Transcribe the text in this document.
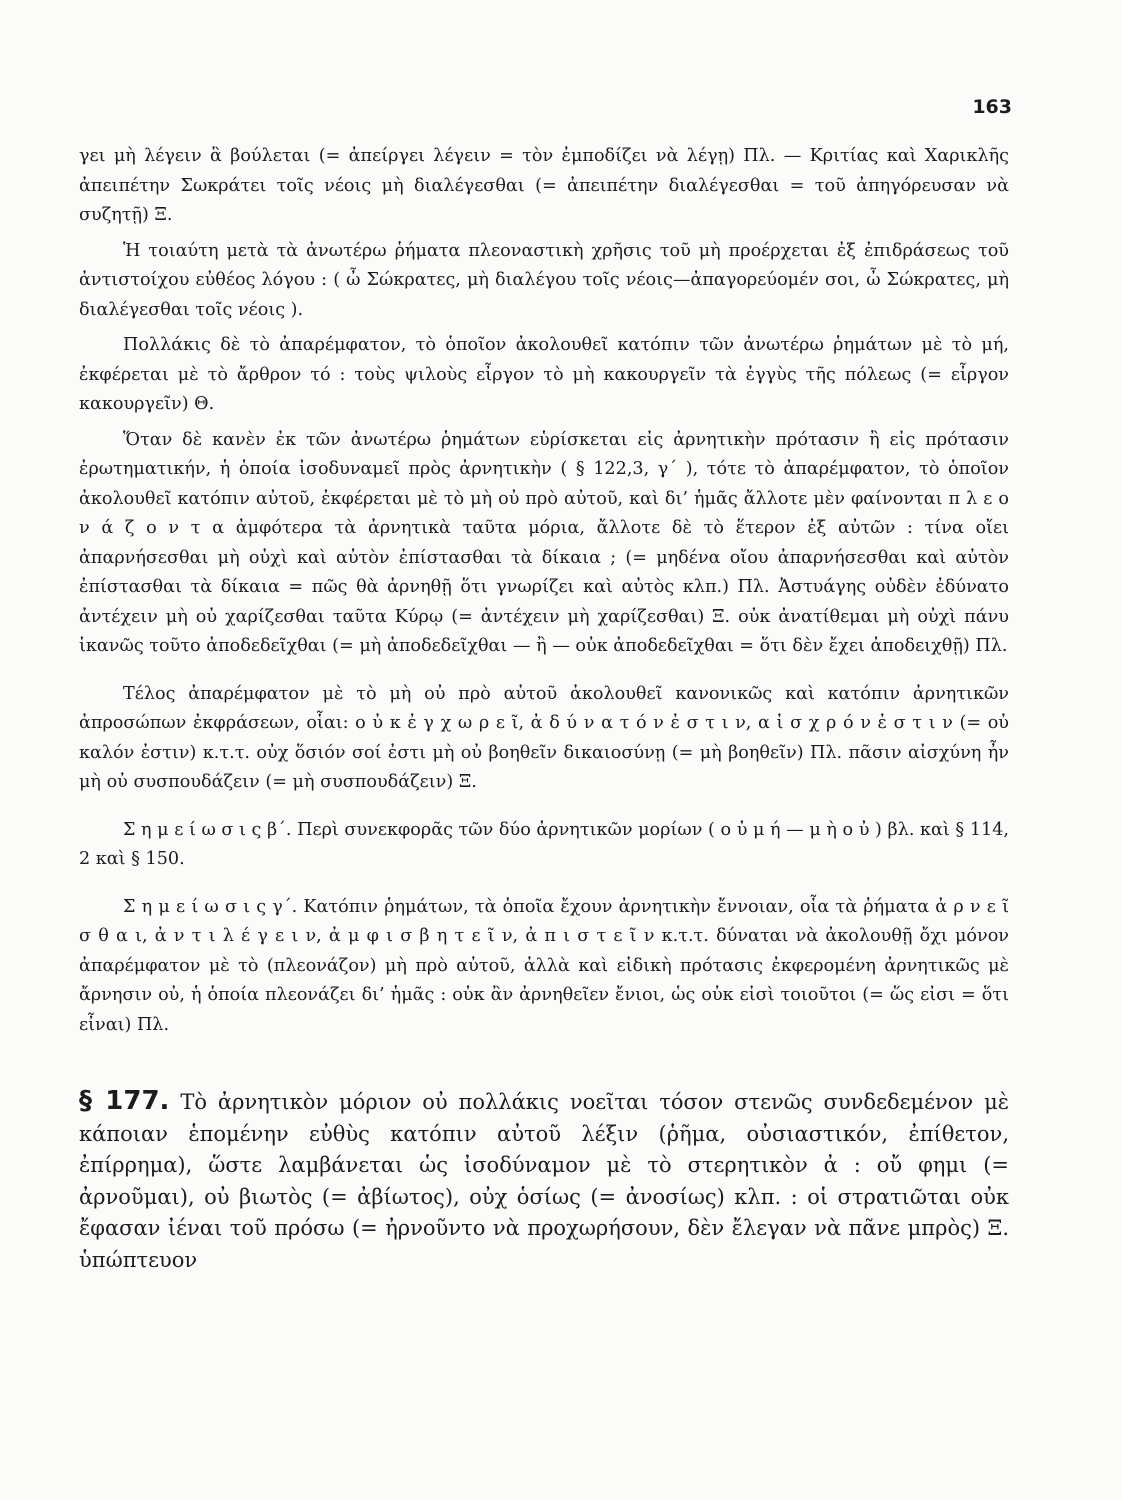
163

γει μὴ λέγειν ἃ βούλεται (= ἀπείργει λέγειν = τὸν ἐμποδίζει νὰ λέγῃ) Πλ. — Κριτίας καὶ Χαρικλῆς ἀπειπέτην Σωκράτει τοῖς νέοις μὴ διαλέγεσθαι (= ἀπειπέτην διαλέγεσθαι = τοῦ ἀπηγόρευσαν νὰ συζητῇ) Ξ.

Ἡ τοιαύτη μετὰ τὰ ἀνωτέρω ῥήματα πλεοναστικὴ χρῆσις τοῦ μὴ προέρχεται ἐξ ἐπιδράσεως τοῦ ἀντιστοίχου εὐθέος λόγου : ( ὦ Σώκρατες, μὴ διαλέγου τοῖς νέοις—ἀπαγορεύομέν σοι, ὦ Σώκρατες, μὴ διαλέγεσθαι τοῖς νέοις ).

Πολλάκις δὲ τὸ ἀπαρέμφατον, τὸ ὁποῖον ἀκολουθεῖ κατόπιν τῶν ἀνωτέρω ῥημάτων μὲ τὸ μή, ἐκφέρεται μὲ τὸ ἄρθρον τό : τοὺς ψιλοὺς εἶργον τὸ μὴ κακουργεῖν τὰ ἐγγὺς τῆς πόλεως (= εἶργον κακουργεῖν) Θ.

Ὅταν δὲ κανὲν ἐκ τῶν ἀνωτέρω ῥημάτων εὑρίσκεται εἰς ἀρνητικὴν πρότασιν ἢ εἰς πρότασιν ἐρωτηματικήν, ἡ ὁποία ἰσοδυναμεῖ πρὸς ἀρνητικὴν ( § 122,3, γ΄ ), τότε τὸ ἀπαρέμφατον, τὸ ὁποῖον ἀκολουθεῖ κατόπιν αὐτοῦ, ἐκφέρεται μὲ τὸ μὴ οὐ πρὸ αὐτοῦ, καὶ δι’ ἡμᾶς ἄλλοτε μὲν φαίνονται π λ ε ο ν ά ζ ο ν τ α ἀμφότερα τὰ ἀρνητικὰ ταῦτα μόρια, ἄλλοτε δὲ τὸ ἕτερον ἐξ αὐτῶν : τίνα οἴει ἀπαρνήσεσθαι μὴ οὐχὶ καὶ αὐτὸν ἐπίστασθαι τὰ δίκαια ; (= μηδένα οἴου ἀπαρνήσεσθαι καὶ αὐτὸν ἐπίστασθαι τὰ δίκαια = πῶς θὰ ἀρνηθῇ ὅτι γνωρίζει καὶ αὐτὸς κλπ.) Πλ. Ἀστυάγης οὐδὲν ἐδύνατο ἀντέχειν μὴ οὐ χαρίζεσθαι ταῦτα Κύρῳ (= ἀντέχειν μὴ χαρίζεσθαι) Ξ. οὐκ ἀνατίθεμαι μὴ οὐχὶ πάνυ ἱκανῶς τοῦτο ἀποδεδεῖχθαι (= μὴ ἀποδεδεῖχθαι — ἢ — οὐκ ἀποδεδεῖχθαι = ὅτι δὲν ἔχει ἀποδειχθῇ) Πλ.

Τέλος ἀπαρέμφατον μὲ τὸ μὴ οὐ πρὸ αὐτοῦ ἀκολουθεῖ κανονικῶς καὶ κατόπιν ἀρνητικῶν ἀπροσώπων ἐκφράσεων, οἷαι: ο ὐ κ ἐ γ χ ω ρ ε ῖ, ἀ δ ύ ν α τ ό ν ἐ σ τ ι ν, α ἰ σ χ ρ ό ν ἐ σ τ ι ν (= οὐ καλόν ἐστιν) κ.τ.τ. οὐχ ὅσιόν σοί ἐστι μὴ οὐ βοηθεῖν δικαιοσύνῃ (= μὴ βοηθεῖν) Πλ. πᾶσιν αἰσχύνη ἦν μὴ οὐ συσπουδάζειν (= μὴ συσπουδάζειν) Ξ.

Σ η μ ε ί ω σ ι ς β΄. Περὶ συνεκφορᾶς τῶν δύο ἀρνητικῶν μορίων ( ο ὐ μ ή — μ ὴ ο ὐ ) βλ. καὶ § 114, 2 καὶ § 150.

Σ η μ ε ί ω σ ι ς γ΄. Κατόπιν ῥημάτων, τὰ ὁποῖα ἔχουν ἀρνητικὴν ἔννοιαν, οἷα τὰ ῥήματα ἀ ρ ν ε ῖ σ θ α ι, ἀ ν τ ι λ έ γ ε ι ν, ἀ μ φ ι σ β η τ ε ῖ ν, ἀ π ι σ τ ε ῖ ν κ.τ.τ. δύναται νὰ ἀκολουθῇ ὄχι μόνον ἀπαρέμφατον μὲ τὸ (πλεονάζον) μὴ πρὸ αὐτοῦ, ἀλλὰ καὶ εἰδικὴ πρότασις ἐκφερομένη ἀρνητικῶς μὲ ἄρνησιν οὐ, ἡ ὁποία πλεονάζει δι’ ἡμᾶς : οὐκ ἂν ἀρνηθεῖεν ἔνιοι, ὡς οὐκ εἰσὶ τοιοῦτοι (= ὥς εἰσι = ὅτι εἶναι) Πλ.

§ 177. Τὸ ἀρνητικὸν μόριον οὐ πολλάκις νοεῖται τόσον στενῶς συνδεδεμένον μὲ κάποιαν ἑπομένην εὐθὺς κατόπιν αὐτοῦ λέξιν (ῥῆμα, οὐσιαστικόν, ἐπίθετον, ἐπίρρημα), ὥστε λαμβάνεται ὡς ἰσοδύναμον μὲ τὸ στερητικὸν ἀ : οὔ φημι (= ἀρνοῦμαι), οὐ βιωτὸς (= ἀβίωτος), οὐχ ὁσίως (= ἀνοσίως) κλπ. : οἱ στρατιῶται οὐκ ἔφασαν ἰέναι τοῦ πρόσω (= ἠρνοῦντο νὰ προχωρήσουν, δὲν ἔλεγαν νὰ πᾶνε μπρὸς) Ξ. ὑπώπτευον
